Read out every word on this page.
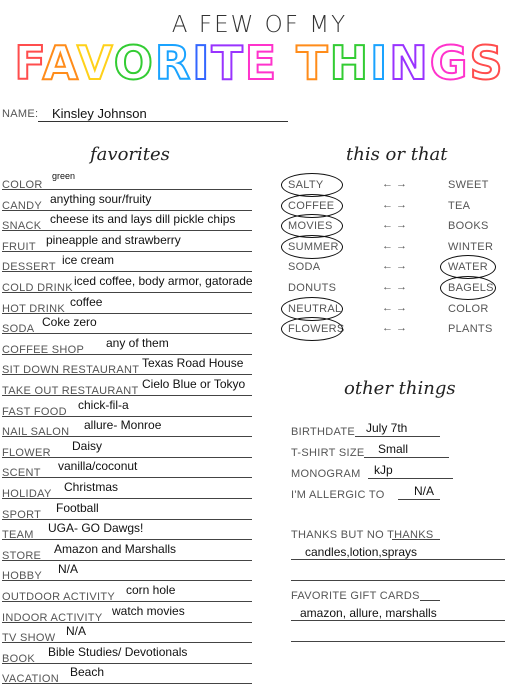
A FEW OF MY
FAVORITE THINGS
NAME: Kinsley Johnson
favorites	this or that
other things
COLOR
green
CANDY anything sour/fruity
SNACK cheese its and lays dill pickle chips
FRUIT pineapple and strawberry
DESSERT ice cream
COLD DRINK iced coffee, body armor, gatorade
HOT DRINK coffee
SODA Coke zero
COFFEE SHOP any of them
SIT DOWN RESTAURANT Texas Road House
TAKE OUT RESTAURANT Cielo Blue or Tokyo
FAST FOOD chick-fil-a
NAIL SALON allure- Monroe
FLOWER Daisy
SCENT vanilla/coconut
HOLIDAY Christmas
SPORT Football
TEAM UGA- GO Dawgs!
STORE Amazon and Marshalls
HOBBY N/A
OUTDOOR ACTIVITY corn hole
INDOOR ACTIVITY watch movies
TV SHOW N/A
BOOK Bible Studies/ Devotionals
VACATION Beach
SALTY	← →	SWEET
COFFEE	← →	TEA
MOVIES	← →	BOOKS
SUMMER	← →	WINTER
SODA	← →	WATER
DONUTS	← →	BAGELS
NEUTRAL	← →	COLOR
FLOWERS	← →	PLANTS
BIRTHDATE July 7th
T-SHIRT SIZE Small
MONOGRAM kJp
I'M ALLERGIC TO N/A
THANKS BUT NO THANKS
candles,lotion,sprays
FAVORITE GIFT CARDS
amazon, allure, marshalls
